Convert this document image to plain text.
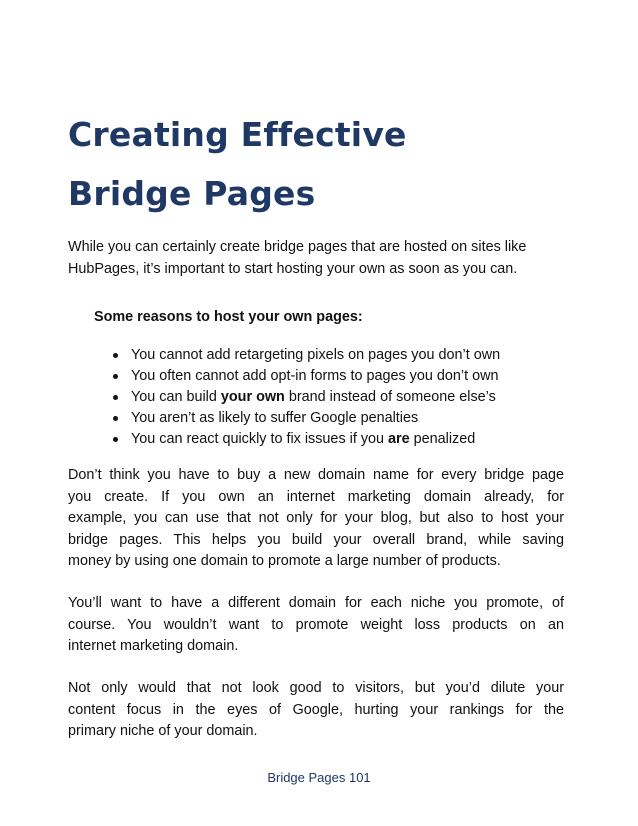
Creating Effective
Bridge Pages
While you can certainly create bridge pages that are hosted on sites like
HubPages, it’s important to start hosting your own as soon as you can.
Some reasons to host your own pages:
You cannot add retargeting pixels on pages you don’t own
You often cannot add opt-in forms to pages you don’t own
You can build your own brand instead of someone else’s
You aren’t as likely to suffer Google penalties
You can react quickly to fix issues if you are penalized
Don’t think you have to buy a new domain name for every bridge page
you create. If you own an internet marketing domain already, for
example, you can use that not only for your blog, but also to host your
bridge pages. This helps you build your overall brand, while saving
money by using one domain to promote a large number of products.
You’ll want to have a different domain for each niche you promote, of
course. You wouldn’t want to promote weight loss products on an
internet marketing domain.
Not only would that not look good to visitors, but you’d dilute your
content focus in the eyes of Google, hurting your rankings for the
primary niche of your domain.
Bridge Pages 101
